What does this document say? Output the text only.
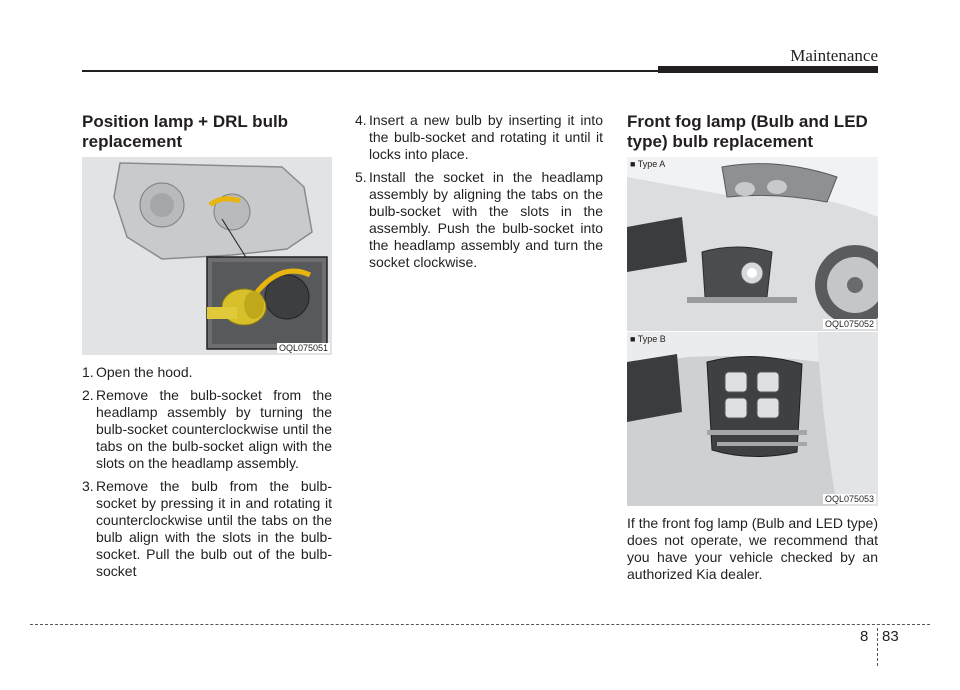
Maintenance
Position lamp + DRL bulb replacement
OQL075051
1. Open the hood.
2. Remove the bulb-socket from the headlamp assembly by turning the bulb-socket counterclockwise until the tabs on the bulb-socket align with the slots on the headlamp assembly.
3. Remove the bulb from the bulb-socket by pressing it in and rotating it counterclockwise until the tabs on the bulb align with the slots in the bulb-socket. Pull the bulb out of the bulb-socket
4. Insert a new bulb by inserting it into the bulb-socket and rotating it until it locks into place.
5. Install the socket in the headlamp assembly by aligning the tabs on the bulb-socket with the slots in the assembly. Push the bulb-socket into the headlamp assembly and turn the socket clockwise.
Front fog lamp (Bulb and LED type) bulb replacement
■ Type A
OQL075052
■ Type B
OQL075053

If the front fog lamp (Bulb and LED type) does not operate, we recommend that you have your vehicle checked by an authorized Kia dealer.

8 83
